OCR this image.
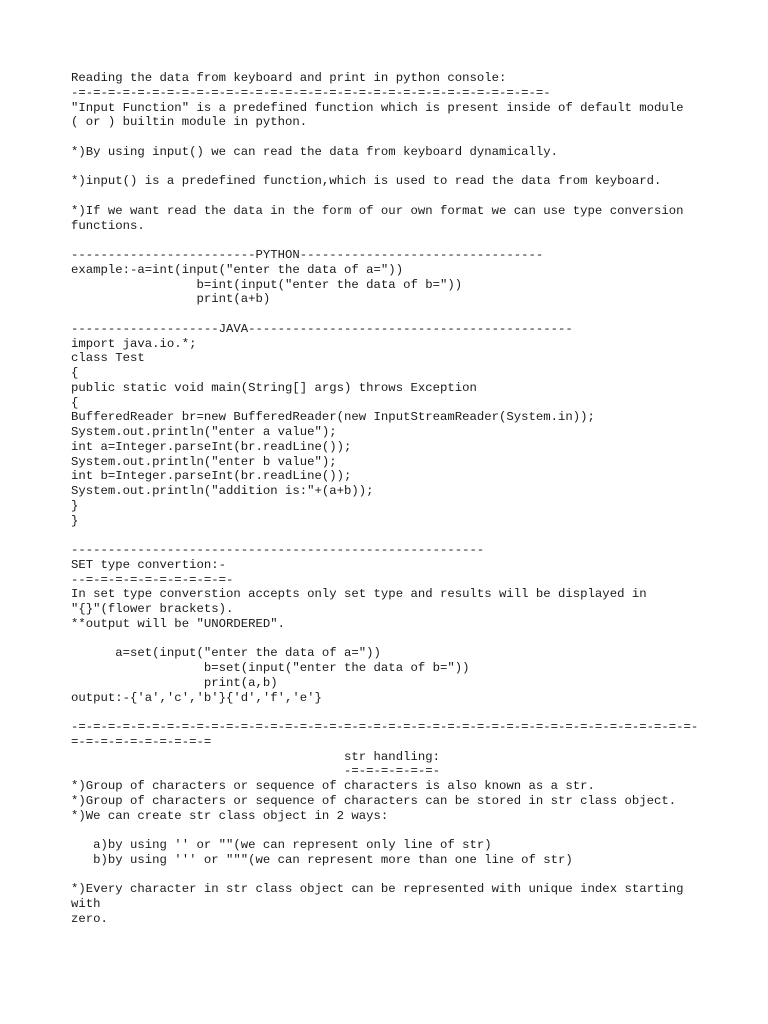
Reading the data from keyboard and print in python console:
-=-=-=-=-=-=-=-=-=-=-=-=-=-=-=-=-=-=-=-=-=-=-=-=-=-=-=-=-=-=-=-=-
"Input Function" is a predefined function which is present inside of default module
( or ) builtin module in python.
*)By using input() we can read the data from keyboard dynamically.
*)input() is a predefined function,which is used to read the data from keyboard.
*)If we want read the data in the form of our own format we can use type conversion
functions.
-------------------------PYTHON---------------------------------
example:-a=int(input("enter the data of a="))
b=int(input("enter the data of b="))
print(a+b)
--------------------JAVA--------------------------------------------
import java.io.*;
class Test
{
public static void main(String[] args) throws Exception
{
BufferedReader br=new BufferedReader(new InputStreamReader(System.in));
System.out.println("enter a value");
int a=Integer.parseInt(br.readLine());
System.out.println("enter b value");
int b=Integer.parseInt(br.readLine());
System.out.println("addition is:"+(a+b));
}
}
--------------------------------------------------------
SET type convertion:-
--=-=-=-=-=-=-=-=-=-=-
In set type converstion accepts only set type and results will be displayed in
"{}"(flower brackets).
**output will be "UNORDERED".
a=set(input("enter the data of a="))
b=set(input("enter the data of b="))
print(a,b)
output:-{'a','c','b'}{'d','f','e'}
-=-=-=-=-=-=-=-=-=-=-=-=-=-=-=-=-=-=-=-=-=-=-=-=-=-=-=-=-=-=-=-=-=-=-=-=-=-=-=-=-=-=-
=-=-=-=-=-=-=-=-=-=
str handling:
-=-=-=-=-=-=-
*)Group of characters or sequence of characters is also known as a str.
*)Group of characters or sequence of characters can be stored in str class object.
*)We can create str class object in 2 ways:
a)by using '' or ""(we can represent only line of str)
b)by using ''' or """(we can represent more than one line of str)
*)Every character in str class object can be represented with unique index starting
with
zero.
